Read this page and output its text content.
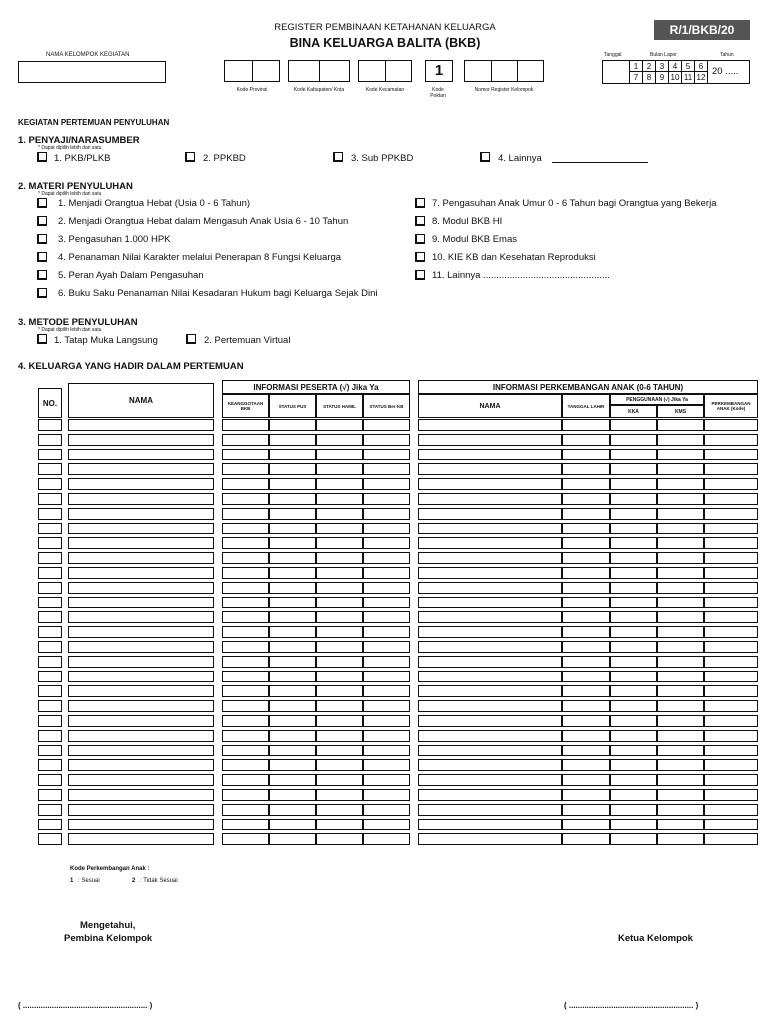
REGISTER PEMBINAAN KETAHANAN KELUARGA
BINA KELUARGA BALITA (BKB)
R/1/BKB/20
NAMA KELOMPOK KEGIATAN
1
Kode Provinsi	Kode Kabupaten/ Kota	Kode Kecamatan	Kode Poktan
Nomor Register Kelompok
Tanggal	Bulan Lapor	Tahun
1	2	3	4	5	6
7	8	9 10 11 12
20 .....
KEGIATAN PERTEMUAN PENYULUHAN
1. PENYAJI/NARASUMBER
* Dapat dipilih lebih dari satu
1. PKB/PLKB	2. PPKBD	3. Sub PPKBD	4. Lainnya
2. MATERI PENYULUHAN
* Dapat dipilih lebih dari satu
1. Menjadi Orangtua Hebat (Usia 0 - 6 Tahun)
2. Menjadi Orangtua Hebat dalam Mengasuh Anak Usia 6 - 10 Tahun
3. Pengasuhan 1.000 HPK
4. Penanaman Nilai Karakter melalui Penerapan 8 Fungsi Keluarga
5. Peran Ayah Dalam Pengasuhan
6. Buku Saku Penanaman Nilai Kesadaran Hukum bagi Keluarga Sejak Dini
7. Pengasuhan Anak Umur 0 - 6 Tahun bagi Orangtua yang Bekerja
8. Modul BKB HI
9. Modul BKB Emas
10. KIE KB dan Kesehatan Reproduksi
11. Lainnya ................................................
3. METODE PENYULUHAN
* Dapat dipilih lebih dari satu
1. Tatap Muka Langsung	2. Pertemuan Virtual
4. KELUARGA YANG HADIR DALAM PERTEMUAN
NO.	NAMA
INFORMASI PESERTA (√) Jika Ya
KEANGGOTAAN BKB	STATUS PUS	STATUS HAMIL	STATUS Ber-KB
INFORMASI PERKEMBANGAN ANAK (0-6 TAHUN)
NAMA	TANGGAL LAHIR
PENGGUNAAN (√) Jika Ya
KKA	KMS
PERKEMBANGAN ANAK (Kode)
Kode Perkembangan Anak :
1 : Sesuai	2 : Tidak Sesuai
Mengetahui,
Pembina Kelompok	Ketua Kelompok
( ........................................................ )	( ........................................................ )
